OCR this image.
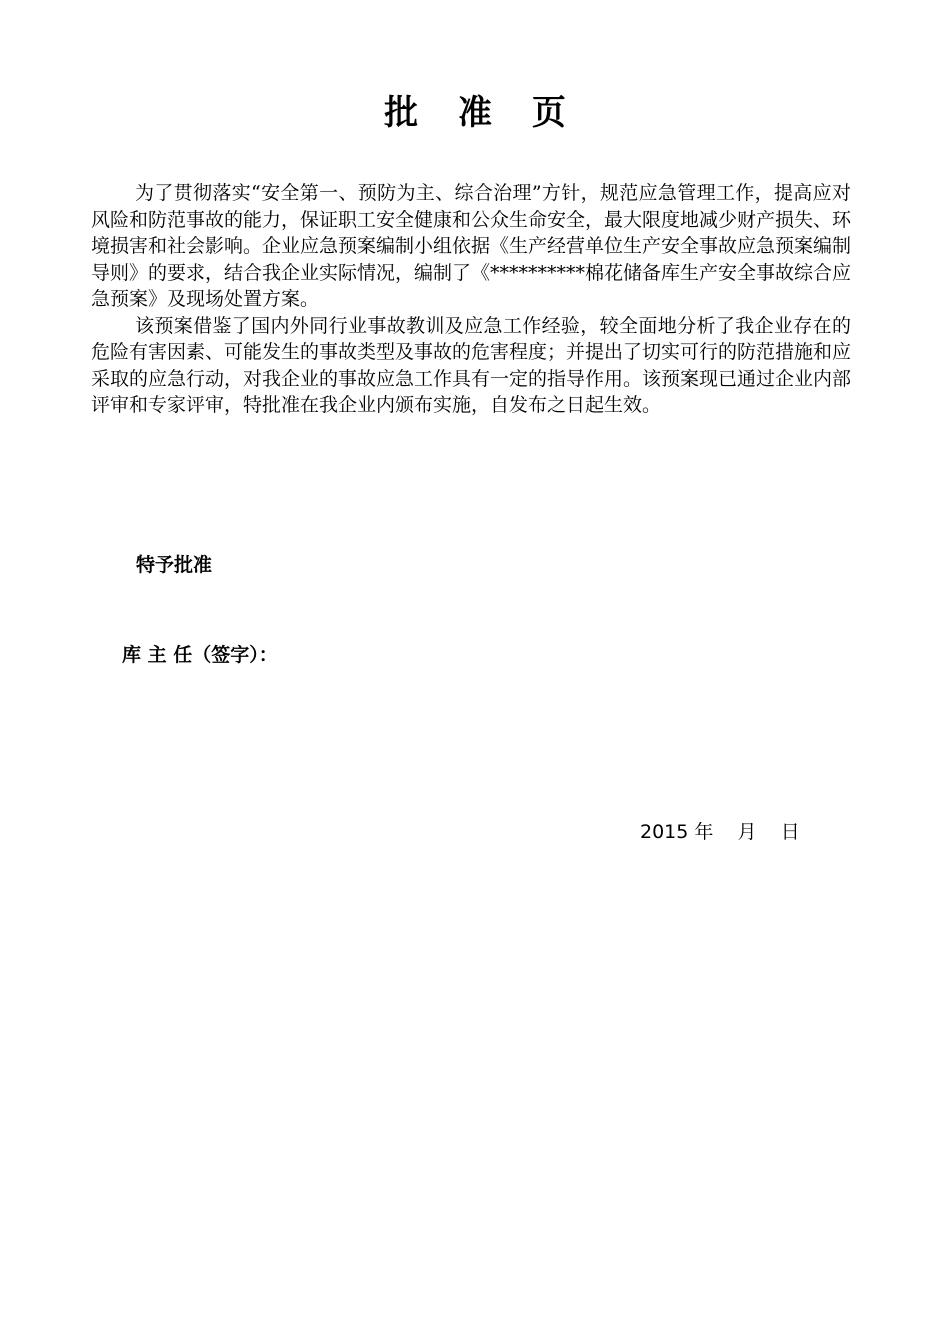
批 准 页

为了贯彻落实“安全第一、预防为主、综合治理”方针，规范应急管理工作，提高应对风险和防范事故的能力，保证职工安全健康和公众生命安全，最大限度地减少财产损失、环境损害和社会影响。企业应急预案编制小组依据《生产经营单位生产安全事故应急预案编制导则》的要求，结合我企业实际情况，编制了《**********棉花储备库生产安全事故综合应急预案》及现场处置方案。

该预案借鉴了国内外同行业事故教训及应急工作经验，较全面地分析了我企业存在的危险有害因素、可能发生的事故类型及事故的危害程度；并提出了切实可行的防范措施和应采取的应急行动，对我企业的事故应急工作具有一定的指导作用。该预案现已通过企业内部评审和专家评审，特批准在我企业内颁布实施，自发布之日起生效。

特予批准
库 主 任（签字）：
2015 年    月    日
